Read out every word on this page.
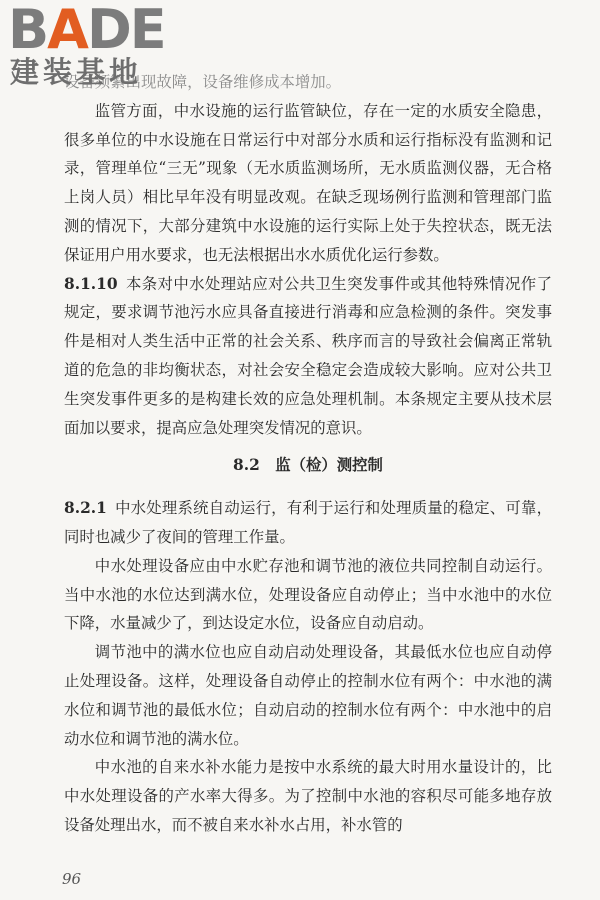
BADE
建装基地

设备频繁出现故障，设备维修成本增加。

监管方面，中水设施的运行监管缺位，存在一定的水质安全隐患，很多单位的中水设施在日常运行中对部分水质和运行指标没有监测和记录，管理单位“三无”现象（无水质监测场所，无水质监测仪器，无合格上岗人员）相比早年没有明显改观。在缺乏现场例行监测和管理部门监测的情况下，大部分建筑中水设施的运行实际上处于失控状态，既无法保证用户用水要求，也无法根据出水水质优化运行参数。

8.1.10 本条对中水处理站应对公共卫生突发事件或其他特殊情况作了规定，要求调节池污水应具备直接进行消毒和应急检测的条件。突发事件是相对人类生活中正常的社会关系、秩序而言的导致社会偏离正常轨道的危急的非均衡状态，对社会安全稳定会造成较大影响。应对公共卫生突发事件更多的是构建长效的应急处理机制。本条规定主要从技术层面加以要求，提高应急处理突发情况的意识。

8.2　监（检）测控制

8.2.1 中水处理系统自动运行，有利于运行和处理质量的稳定、可靠，同时也减少了夜间的管理工作量。

中水处理设备应由中水贮存池和调节池的液位共同控制自动运行。当中水池的水位达到满水位，处理设备应自动停止；当中水池中的水位下降，水量减少了，到达设定水位，设备应自动启动。

调节池中的满水位也应自动启动处理设备，其最低水位也应自动停止处理设备。这样，处理设备自动停止的控制水位有两个：中水池的满水位和调节池的最低水位；自动启动的控制水位有两个：中水池中的启动水位和调节池的满水位。

中水池的自来水补水能力是按中水系统的最大时用水量设计的，比中水处理设备的产水率大得多。为了控制中水池的容积尽可能多地存放设备处理出水，而不被自来水补水占用，补水管的

96
